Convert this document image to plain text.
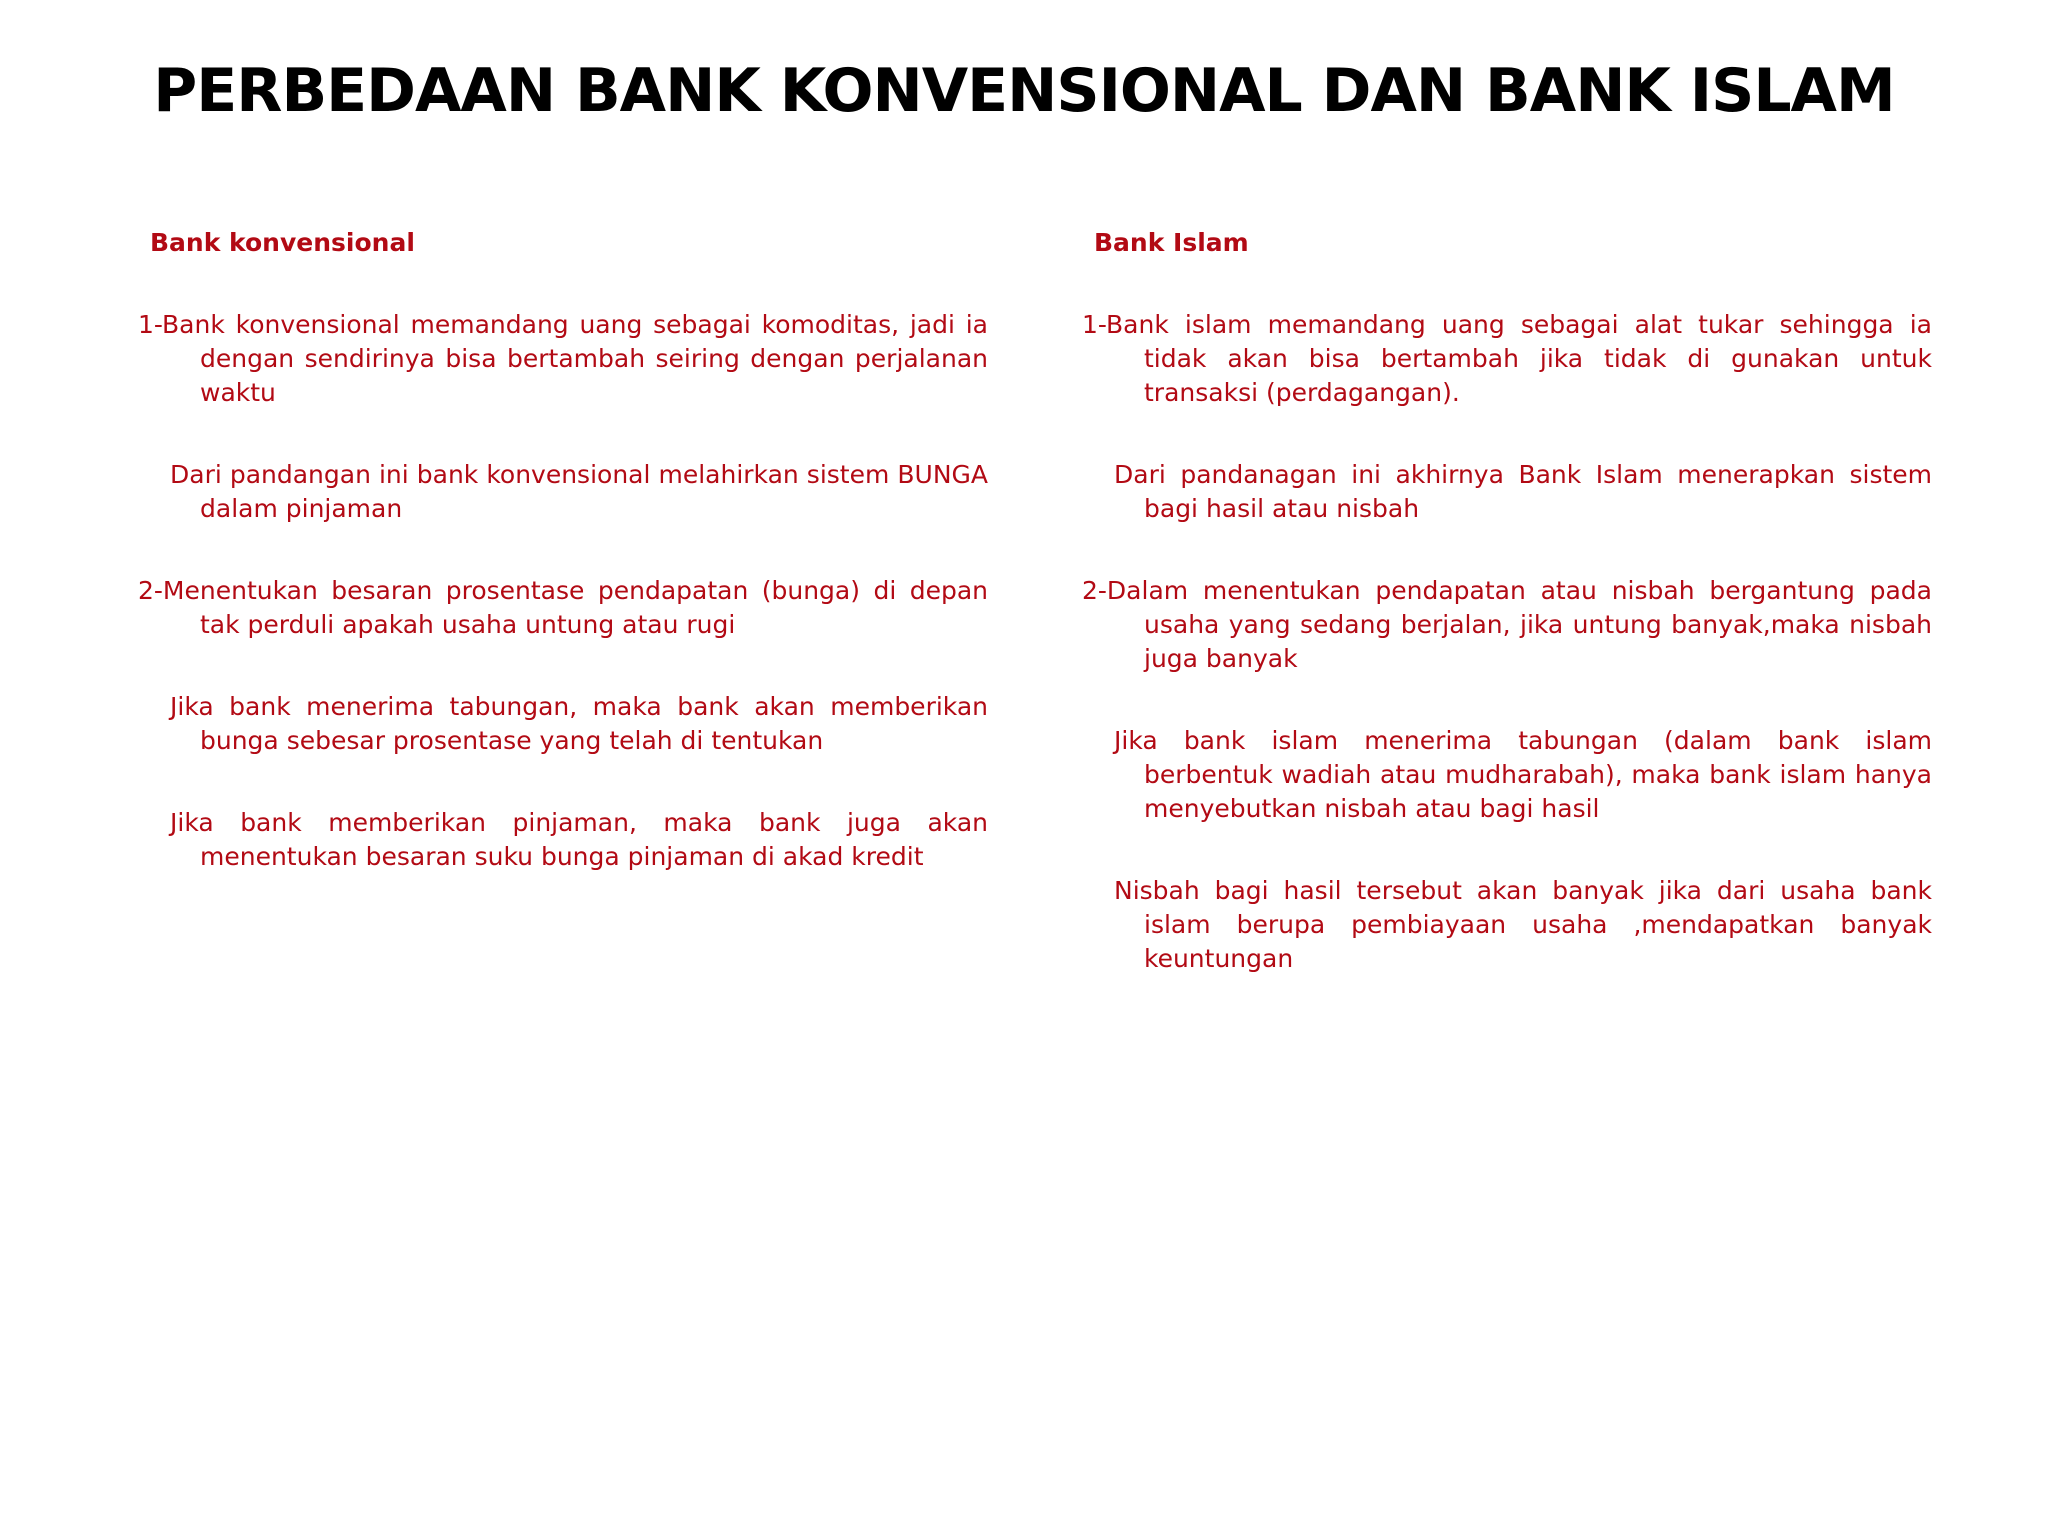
PERBEDAAN BANK KONVENSIONAL DAN BANK ISLAM
Bank konvensional

1-Bank konvensional memandang uang sebagai komoditas, jadi ia dengan sendirinya bisa bertambah seiring dengan perjalanan waktu

Dari pandangan ini bank konvensional melahirkan sistem BUNGA dalam pinjaman

2-Menentukan besaran prosentase pendapatan (bunga) di depan tak perduli apakah usaha untung atau rugi

Jika bank menerima tabungan, maka bank akan memberikan bunga sebesar prosentase yang telah di tentukan

Jika bank memberikan pinjaman, maka bank juga akan menentukan besaran suku bunga pinjaman di akad kredit

Bank Islam

1-Bank islam memandang uang sebagai alat tukar sehingga ia tidak akan bisa bertambah jika tidak di gunakan untuk transaksi (perdagangan).

Dari pandanagan ini akhirnya Bank Islam menerapkan sistem bagi hasil atau nisbah

2-Dalam menentukan pendapatan atau nisbah bergantung pada usaha yang sedang berjalan, jika untung banyak,maka nisbah juga banyak

Jika bank islam menerima tabungan (dalam bank islam berbentuk wadiah atau mudharabah), maka bank islam hanya menyebutkan nisbah atau bagi hasil

Nisbah bagi hasil tersebut akan banyak jika dari usaha bank islam berupa pembiayaan usaha ,mendapatkan banyak keuntungan
